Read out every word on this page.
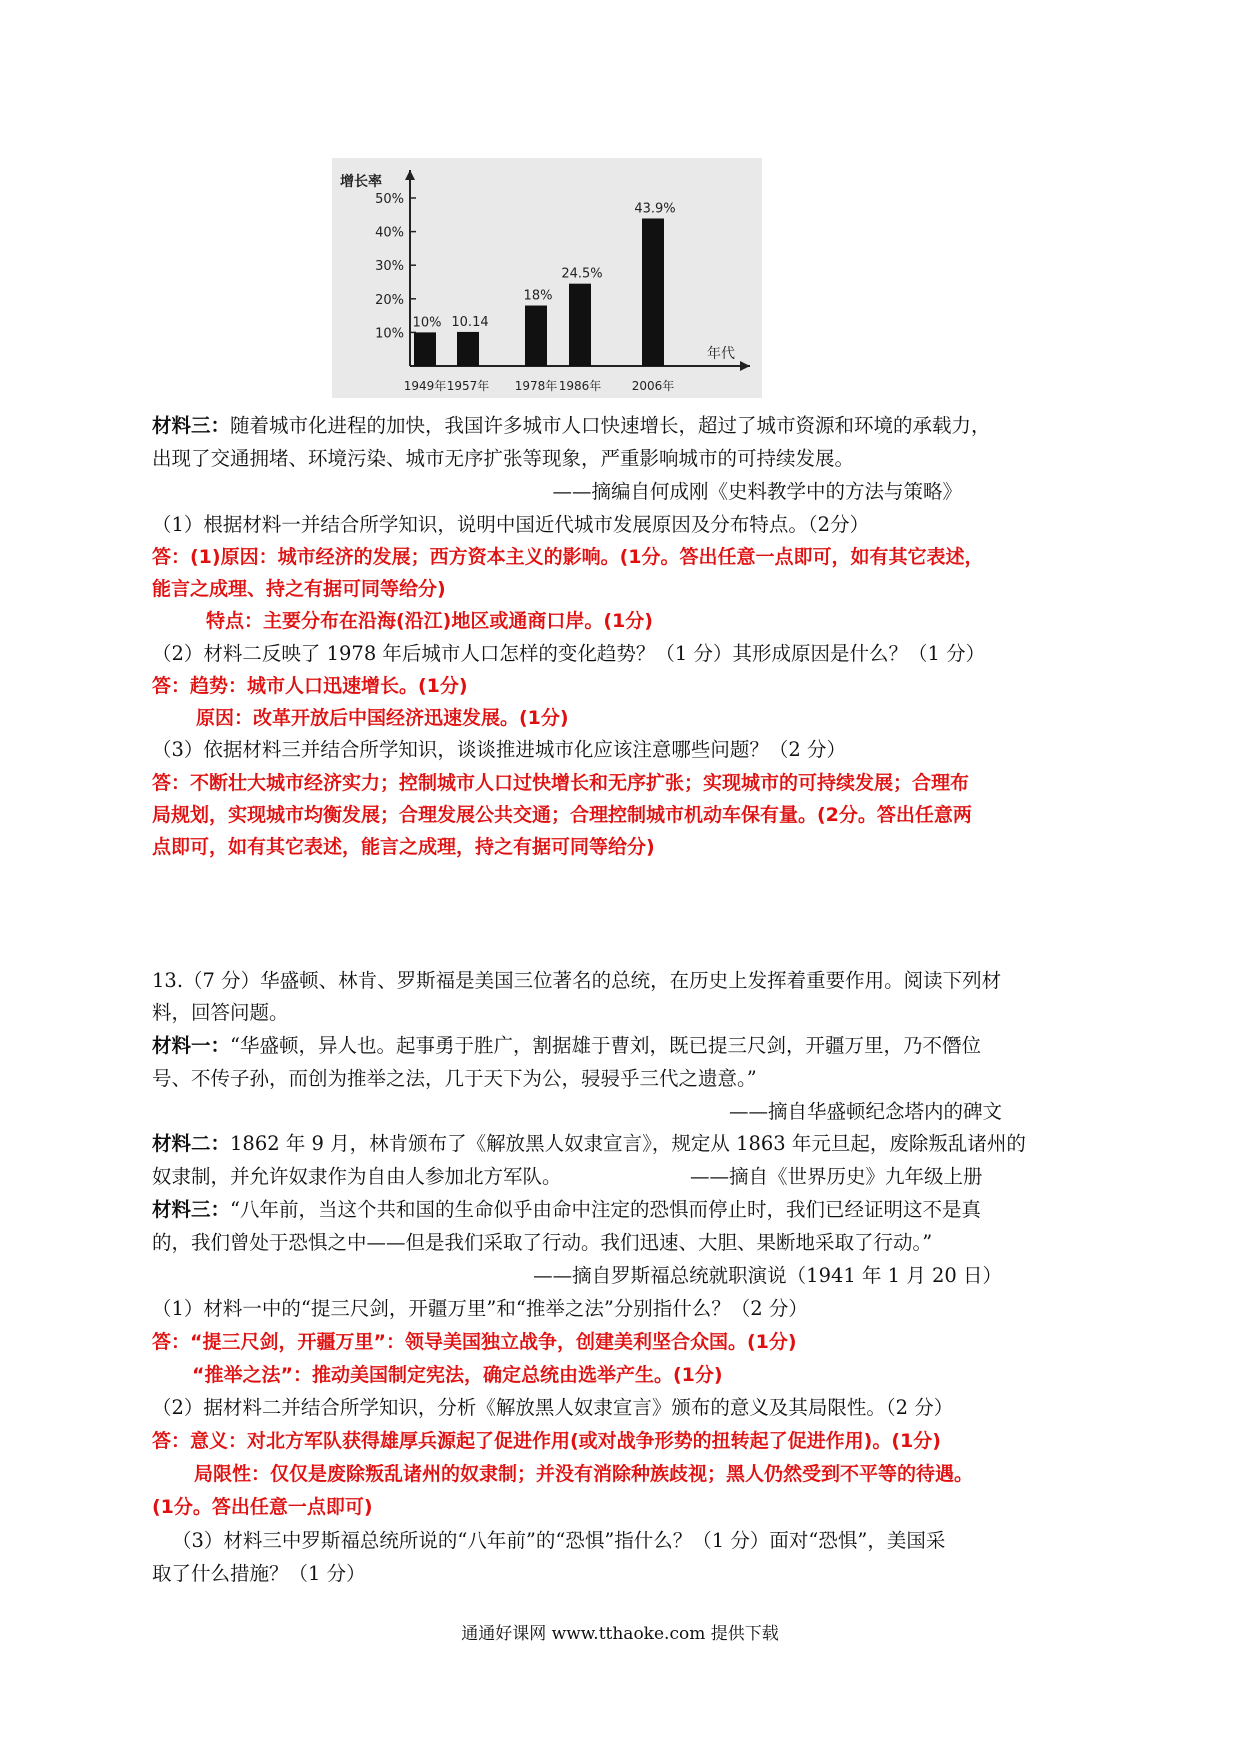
增长率
年代
10%
20%
30%
40%
50%
10%
1949年
10.14
1957年
18%
1978年
24.5%
1986年
43.9%
2006年
材料三：随着城市化进程的加快，我国许多城市人口快速增长，超过了城市资源和环境的承载力，
出现了交通拥堵、环境污染、城市无序扩张等现象，严重影响城市的可持续发展。
——摘编自何成刚《史料教学中的方法与策略》
（1）根据材料一并结合所学知识，说明中国近代城市发展原因及分布特点。（2分）
答：(1)原因：城市经济的发展；西方资本主义的影响。(1分。答出任意一点即可，如有其它表述，
能言之成理、持之有据可同等给分)
特点：主要分布在沿海(沿江)地区或通商口岸。(1分)
（2）材料二反映了 1978 年后城市人口怎样的变化趋势？（1 分）其形成原因是什么？（1 分）
答：趋势：城市人口迅速增长。(1分)
原因：改革开放后中国经济迅速发展。(1分)
（3）依据材料三并结合所学知识，谈谈推进城市化应该注意哪些问题？（2 分）
答：不断壮大城市经济实力；控制城市人口过快增长和无序扩张；实现城市的可持续发展；合理布
局规划，实现城市均衡发展；合理发展公共交通；合理控制城市机动车保有量。(2分。答出任意两
点即可，如有其它表述，能言之成理，持之有据可同等给分)
13.（7 分）华盛顿、林肯、罗斯福是美国三位著名的总统，在历史上发挥着重要作用。阅读下列材
料，回答问题。
材料一：“华盛顿，异人也。起事勇于胜广，割据雄于曹刘，既已提三尺剑，开疆万里，乃不僭位
号、不传子孙，而创为推举之法，几于天下为公，骎骎乎三代之遗意。”
——摘自华盛顿纪念塔内的碑文
材料二：1862 年 9 月，林肯颁布了《解放黑人奴隶宣言》，规定从 1863 年元旦起，废除叛乱诸州的
奴隶制，并允许奴隶作为自由人参加北方军队。	——摘自《世界历史》九年级上册
材料三：“八年前，当这个共和国的生命似乎由命中注定的恐惧而停止时，我们已经证明这不是真
的，我们曾处于恐惧之中——但是我们采取了行动。我们迅速、大胆、果断地采取了行动。”
——摘自罗斯福总统就职演说（1941 年 1 月 20 日）
（1）材料一中的“提三尺剑，开疆万里”和“推举之法”分别指什么？（2 分）
答：“提三尺剑，开疆万里”：领导美国独立战争，创建美利坚合众国。(1分)
“推举之法”：推动美国制定宪法，确定总统由选举产生。(1分)
（2）据材料二并结合所学知识，分析《解放黑人奴隶宣言》颁布的意义及其局限性。（2 分）
答：意义：对北方军队获得雄厚兵源起了促进作用(或对战争形势的扭转起了促进作用)。(1分)
局限性：仅仅是废除叛乱诸州的奴隶制；并没有消除种族歧视；黑人仍然受到不平等的待遇。
(1分。答出任意一点即可)
（3）材料三中罗斯福总统所说的“八年前”的“恐惧”指什么？（1 分）面对“恐惧”，美国采
取了什么措施？（1 分）
通通好课网 www.tthaoke.com 提供下载
